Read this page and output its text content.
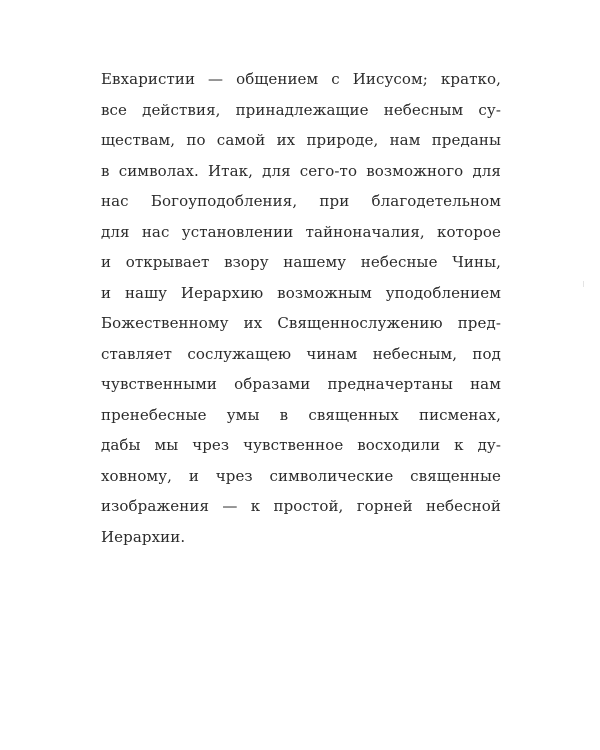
Евхаристии — общением с Иисусом; кратко,
все действия, принадлежащие небесным су-
ществам, по самой их природе, нам преданы
в символах. Итак, для сего-то возможного для
нас Богоуподобления, при благодетельном
для нас установлении тайноначалия, которое
и открывает взору нашему небесные Чины,
и нашу Иерархию возможным уподоблением
Божественному их Священнослужению пред-
ставляет сослужащею чинам небесным, под
чувственными образами предначертаны нам
пренебесные умы в священных писменах,
дабы мы чрез чувственное восходили к ду-
ховному, и чрез символические священные
изображения — к простой, горней небесной
Иерархии.
